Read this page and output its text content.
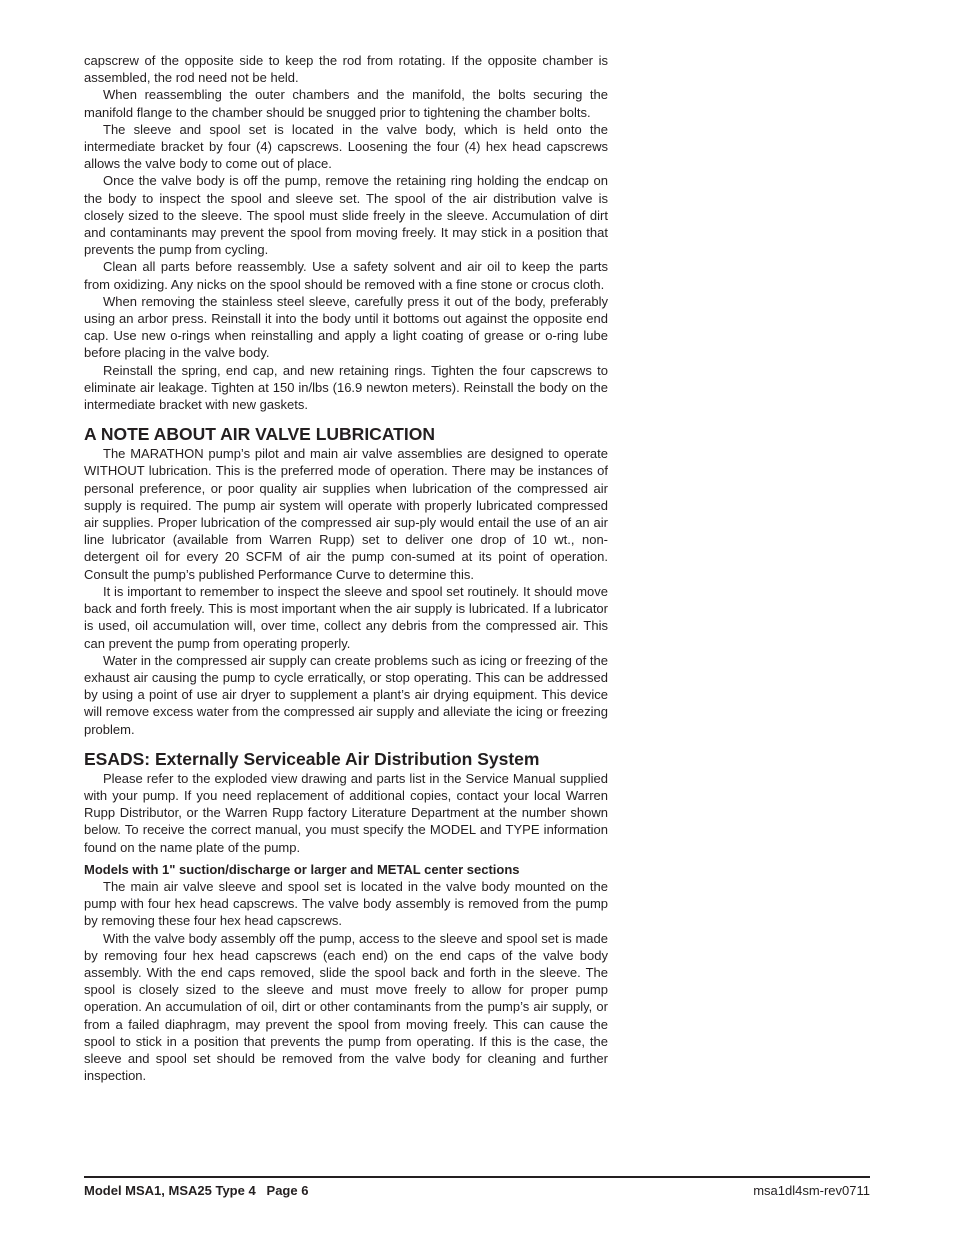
capscrew of the opposite side to keep the rod from rotating. If the opposite chamber is assembled, the rod need not be held.

When reassembling the outer chambers and the manifold, the bolts securing the manifold flange to the chamber should be snugged prior to tightening the chamber bolts.

The sleeve and spool set is located in the valve body, which is held onto the intermediate bracket by four (4) capscrews. Loosening the four (4) hex head capscrews allows the valve body to come out of place.

Once the valve body is off the pump, remove the retaining ring holding the endcap on the body to inspect the spool and sleeve set. The spool of the air distribution valve is closely sized to the sleeve. The spool must slide freely in the sleeve. Accumulation of dirt and contaminants may prevent the spool from moving freely. It may stick in a position that prevents the pump from cycling.

Clean all parts before reassembly. Use a safety solvent and air oil to keep the parts from oxidizing. Any nicks on the spool should be removed with a fine stone or crocus cloth.

When removing the stainless steel sleeve, carefully press it out of the body, preferably using an arbor press. Reinstall it into the body until it bottoms out against the opposite end cap. Use new o-rings when reinstalling and apply a light coating of grease or o-ring lube before placing in the valve body.

Reinstall the spring, end cap, and new retaining rings. Tighten the four capscrews to eliminate air leakage. Tighten at 150 in/lbs (16.9 newton meters). Reinstall the body on the intermediate bracket with new gaskets.

A NOTE ABOUT AIR VALVE LUBRICATION

The MARATHON pump’s pilot and main air valve assemblies are designed to operate WITHOUT lubrication. This is the preferred mode of operation. There may be instances of personal preference, or poor quality air supplies when lubrication of the compressed air supply is required. The pump air system will operate with properly lubricated compressed air supplies. Proper lubrication of the compressed air sup-ply would entail the use of an air line lubricator (available from Warren Rupp) set to deliver one drop of 10 wt., non-detergent oil for every 20 SCFM of air the pump con-sumed at its point of operation. Consult the pump’s published Performance Curve to determine this.

It is important to remember to inspect the sleeve and spool set routinely. It should move back and forth freely. This is most important when the air supply is lubricated. If a lubricator is used, oil accumulation will, over time, collect any debris from the compressed air. This can prevent the pump from operating properly.

Water in the compressed air supply can create problems such as icing or freezing of the exhaust air causing the pump to cycle erratically, or stop operating. This can be addressed by using a point of use air dryer to supplement a plant’s air drying equipment. This device will remove excess water from the compressed air supply and alleviate the icing or freezing problem.

ESADS: Externally Serviceable Air Distribution System

Please refer to the exploded view drawing and parts list in the Service Manual supplied with your pump. If you need replacement of additional copies, contact your local Warren Rupp Distributor, or the Warren Rupp factory Literature Department at the number shown below. To receive the correct manual, you must specify the MODEL and TYPE information found on the name plate of the pump.

Models with 1" suction/discharge or larger and METAL center sections

The main air valve sleeve and spool set is located in the valve body mounted on the pump with four hex head capscrews. The valve body assembly is removed from the pump by removing these four hex head capscrews.

With the valve body assembly off the pump, access to the sleeve and spool set is made by removing four hex head capscrews (each end) on the end caps of the valve body assembly. With the end caps removed, slide the spool back and forth in the sleeve. The spool is closely sized to the sleeve and must move freely to allow for proper pump operation. An accumulation of oil, dirt or other contaminants from the pump’s air supply, or from a failed diaphragm, may prevent the spool from moving freely. This can cause the spool to stick in a position that prevents the pump from operating. If this is the case, the sleeve and spool set should be removed from the valve body for cleaning and further inspection.

Model MSA1, MSA25 Type 4   Page 6	msa1dl4sm-rev0711
